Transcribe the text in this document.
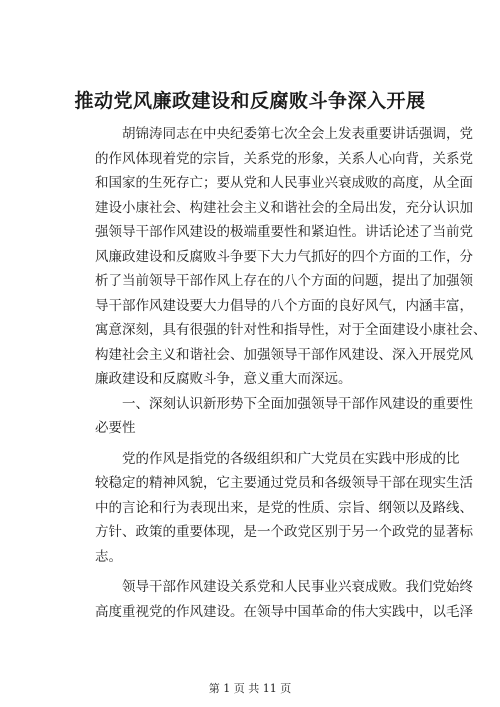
推动党风廉政建设和反腐败斗争深入开展
　　胡锦涛同志在中央纪委第七次全会上发表重要讲话强调，党
的作风体现着党的宗旨，关系党的形象，关系人心向背，关系党
和国家的生死存亡；要从党和人民事业兴衰成败的高度，从全面
建设小康社会、构建社会主义和谐社会的全局出发，充分认识加
强领导干部作风建设的极端重要性和紧迫性。讲话论述了当前党
风廉政建设和反腐败斗争要下大力气抓好的四个方面的工作，分
析了当前领导干部作风上存在的八个方面的问题，提出了加强领
导干部作风建设要大力倡导的八个方面的良好风气，内涵丰富，
寓意深刻，具有很强的针对性和指导性，对于全面建设小康社会、
构建社会主义和谐社会、加强领导干部作风建设、深入开展党风
廉政建设和反腐败斗争，意义重大而深远。
　　一、深刻认识新形势下全面加强领导干部作风建设的重要性
必要性
　　党的作风是指党的各级组织和广大党员在实践中形成的比
较稳定的精神风貌，它主要通过党员和各级领导干部在现实生活
中的言论和行为表现出来，是党的性质、宗旨、纲领以及路线、
方针、政策的重要体现，是一个政党区别于另一个政党的显著标
志。
　　领导干部作风建设关系党和人民事业兴衰成败。我们党始终
高度重视党的作风建设。在领导中国革命的伟大实践中，以毛泽
第 1 页 共 11 页
